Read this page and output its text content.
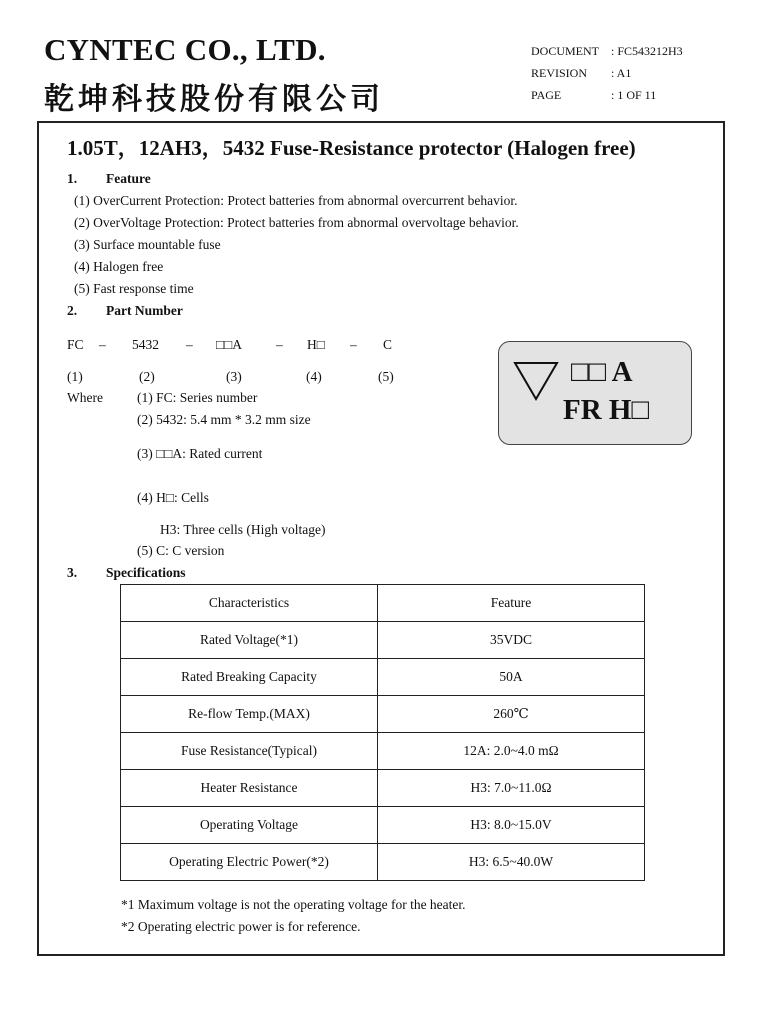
CYNTEC CO., LTD.
乾坤科技股份有限公司
DOCUMENT : FC543212H3
REVISION : A1
PAGE	: 1 OF 11
1.05T，12AH3，5432 Fuse-Resistance protector (Halogen free)
1. Feature
(1) OverCurrent Protection: Protect batteries from abnormal overcurrent behavior.
(2) OverVoltage Protection: Protect batteries from abnormal overvoltage behavior.
(3) Surface mountable fuse
(4) Halogen free
(5) Fast response time
2. Part Number
FC – 5432 – □□A	– H□ – C
(1)	(2)	(3)	(4)	(5)
Where	(1) FC: Series number
(2) 5432: 5.4 mm * 3.2 mm size
(3) □□A: Rated current
(4) H□: Cells
H3: Three cells (High voltage)
(5) C: C version
□□ A
FR H□
3. Specifications
Characteristics	Feature
Rated Voltage(*1)	35VDC
Rated Breaking Capacity	50A
Re-flow Temp.(MAX)	260℃
Fuse Resistance(Typical)	12A: 2.0~4.0 mΩ
Heater Resistance	H3: 7.0~11.0Ω
Operating Voltage	H3: 8.0~15.0V
Operating Electric Power(*2)	H3: 6.5~40.0W
*1 Maximum voltage is not the operating voltage for the heater.
*2 Operating electric power is for reference.
